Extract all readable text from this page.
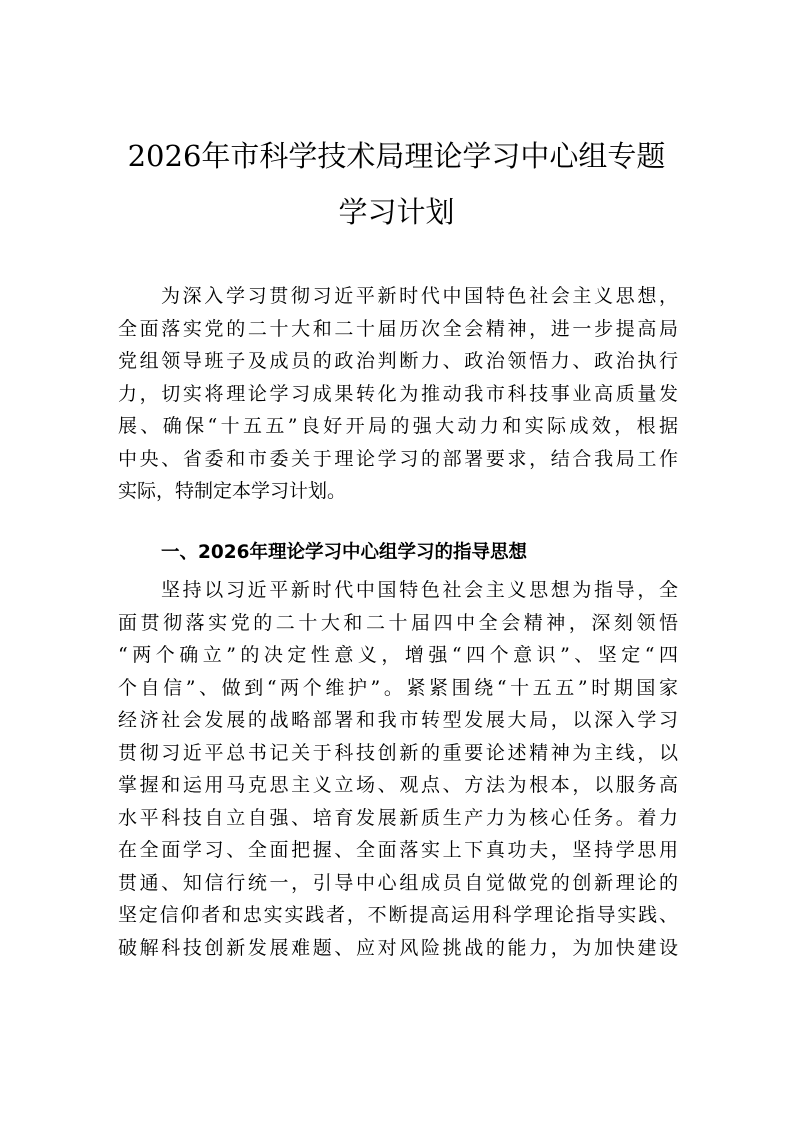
2026年市科学技术局理论学习中心组专题
学习计划
为深入学习贯彻习近平新时代中国特色社会主义思想，
全面落实党的二十大和二十届历次全会精神，进一步提高局
党组领导班子及成员的政治判断力、政治领悟力、政治执行
力，切实将理论学习成果转化为推动我市科技事业高质量发
展、确保“十五五”良好开局的强大动力和实际成效，根据
中央、省委和市委关于理论学习的部署要求，结合我局工作
实际，特制定本学习计划。
一、2026年理论学习中心组学习的指导思想
坚持以习近平新时代中国特色社会主义思想为指导，全
面贯彻落实党的二十大和二十届四中全会精神，深刻领悟
“两个确立”的决定性意义，增强“四个意识”、坚定“四
个自信”、做到“两个维护”。紧紧围绕“十五五”时期国家
经济社会发展的战略部署和我市转型发展大局，以深入学习
贯彻习近平总书记关于科技创新的重要论述精神为主线，以
掌握和运用马克思主义立场、观点、方法为根本，以服务高
水平科技自立自强、培育发展新质生产力为核心任务。着力
在全面学习、全面把握、全面落实上下真功夫，坚持学思用
贯通、知信行统一，引导中心组成员自觉做党的创新理论的
坚定信仰者和忠实实践者，不断提高运用科学理论指导实践、
破解科技创新发展难题、应对风险挑战的能力，为加快建设
